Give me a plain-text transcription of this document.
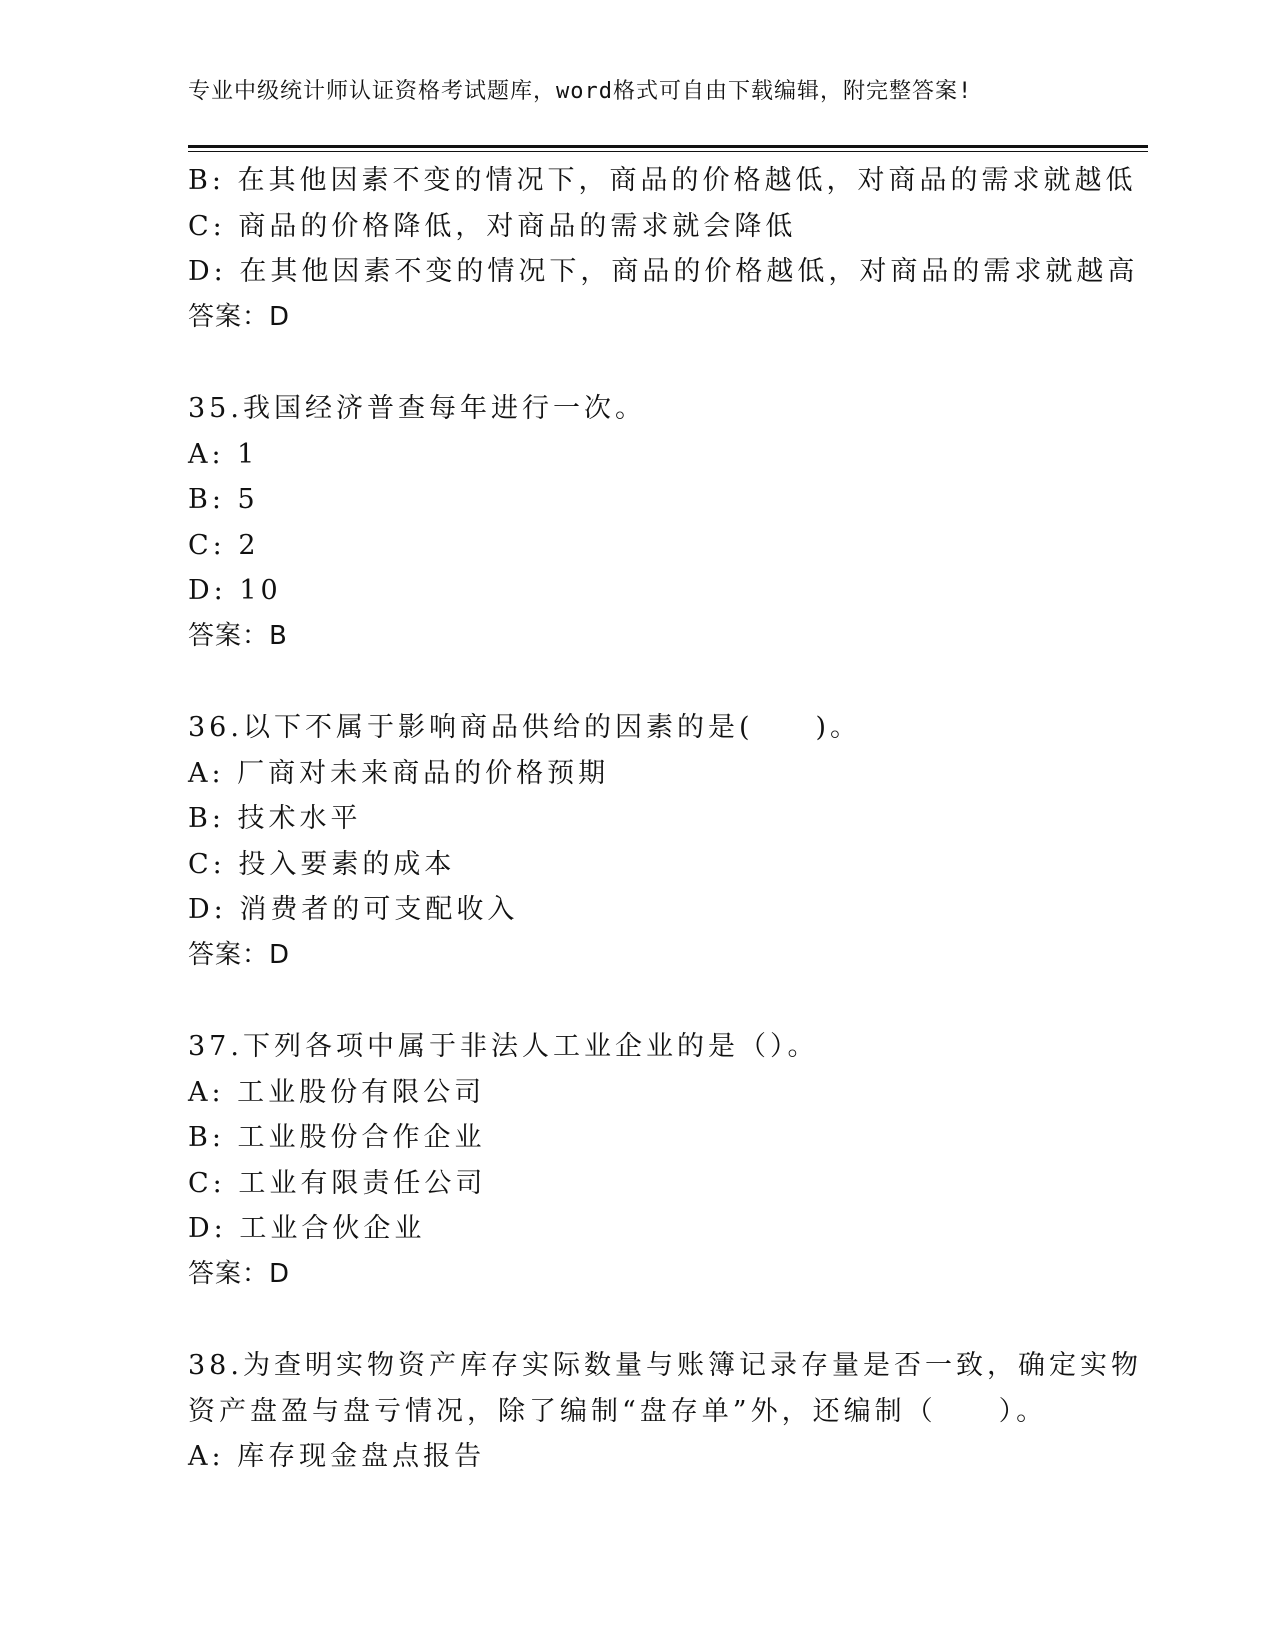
专业中级统计师认证资格考试题库，word格式可自由下载编辑，附完整答案!
B: 在其他因素不变的情况下，商品的价格越低，对商品的需求就越低
C: 商品的价格降低，对商品的需求就会降低
D: 在其他因素不变的情况下，商品的价格越低，对商品的需求就越高
答案：D
35.我国经济普查每年进行一次。
A: 1
B: 5
C: 2
D: 10
答案：B
36.以下不属于影响商品供给的因素的是(　　)。
A: 厂商对未来商品的价格预期
B: 技术水平
C: 投入要素的成本
D: 消费者的可支配收入
答案：D
37.下列各项中属于非法人工业企业的是（）。
A: 工业股份有限公司
B: 工业股份合作企业
C: 工业有限责任公司
D: 工业合伙企业
答案：D
38.为查明实物资产库存实际数量与账簿记录存量是否一致，确定实物
资产盘盈与盘亏情况，除了编制“盘存单”外，还编制（　　）。
A: 库存现金盘点报告
